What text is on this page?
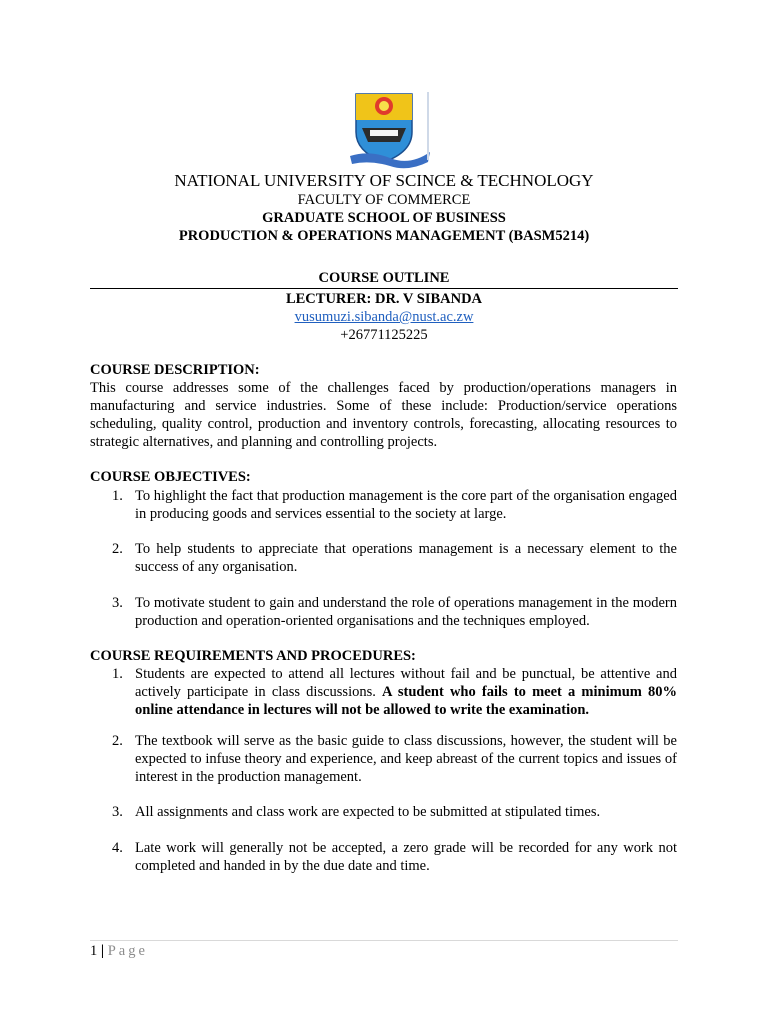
NATIONAL UNIVERSITY OF SCINCE & TECHNOLOGY
FACULTY OF COMMERCE
GRADUATE SCHOOL OF BUSINESS
PRODUCTION & OPERATIONS MANAGEMENT (BASM5214)
COURSE OUTLINE
LECTURER: DR. V SIBANDA
vusumuzi.sibanda@nust.ac.zw
+26771125225
COURSE DESCRIPTION:
This course addresses some of the challenges faced by production/operations managers in manufacturing and service industries. Some of these include: Production/service operations scheduling, quality control, production and inventory controls, forecasting, allocating resources to strategic alternatives, and planning and controlling projects.
COURSE OBJECTIVES:
1. To highlight the fact that production management is the core part of the organisation engaged in producing goods and services essential to the society at large.
2. To help students to appreciate that operations management is a necessary element to the success of any organisation.
3. To motivate student to gain and understand the role of operations management in the modern production and operation-oriented organisations and the techniques employed.
COURSE REQUIREMENTS AND PROCEDURES:
1. Students are expected to attend all lectures without fail and be punctual, be attentive and actively participate in class discussions. A student who fails to meet a minimum 80% online attendance in lectures will not be allowed to write the examination.
2. The textbook will serve as the basic guide to class discussions, however, the student will be expected to infuse theory and experience, and keep abreast of the current topics and issues of interest in the production management.
3. All assignments and class work are expected to be submitted at stipulated times.
4. Late work will generally not be accepted, a zero grade will be recorded for any work not completed and handed in by the due date and time.
1 | Page
